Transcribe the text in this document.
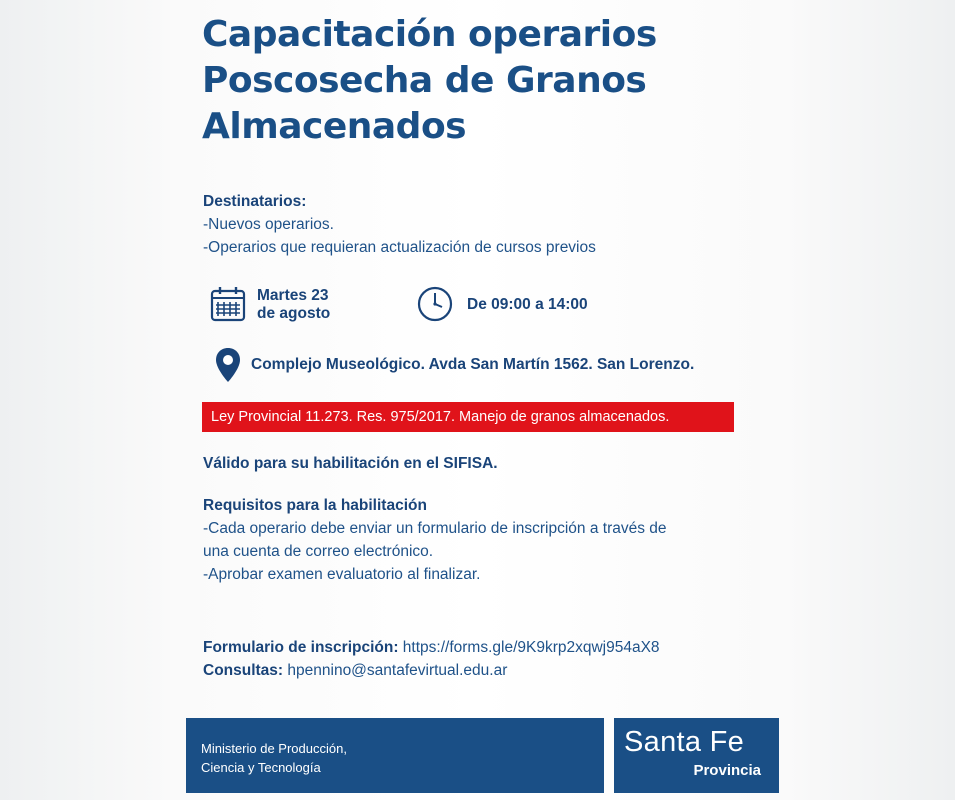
Capacitación operarios
Poscosecha de Granos
Almacenados
Destinatarios:
-Nuevos operarios.
-Operarios que requieran actualización de cursos previos
Martes 23
de agosto
De 09:00 a 14:00
Complejo Museológico. Avda San Martín 1562. San Lorenzo.
Ley Provincial 11.273. Res. 975/2017. Manejo de granos almacenados.
Válido para su habilitación en el SIFISA.
Requisitos para la habilitación
-Cada operario debe enviar un formulario de inscripción a través de
una cuenta de correo electrónico.
-Aprobar examen evaluatorio al finalizar.
Formulario de inscripción: https://forms.gle/9K9krp2xqwj954aX8
Consultas: hpennino@santafevirtual.edu.ar
Ministerio de Producción,
Ciencia y Tecnología
Santa Fe
Provincia
